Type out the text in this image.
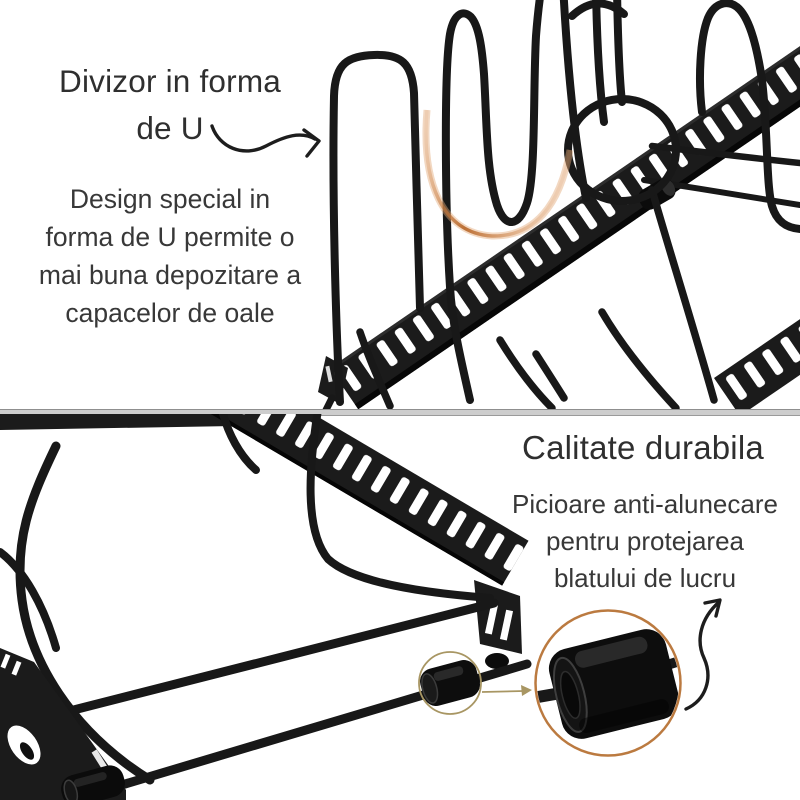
Divizor in forma
de U
Design special in
forma de U permite o
mai buna depozitare a
capacelor de oale
Calitate durabila
Picioare anti-alunecare
pentru protejarea
blatului de lucru
